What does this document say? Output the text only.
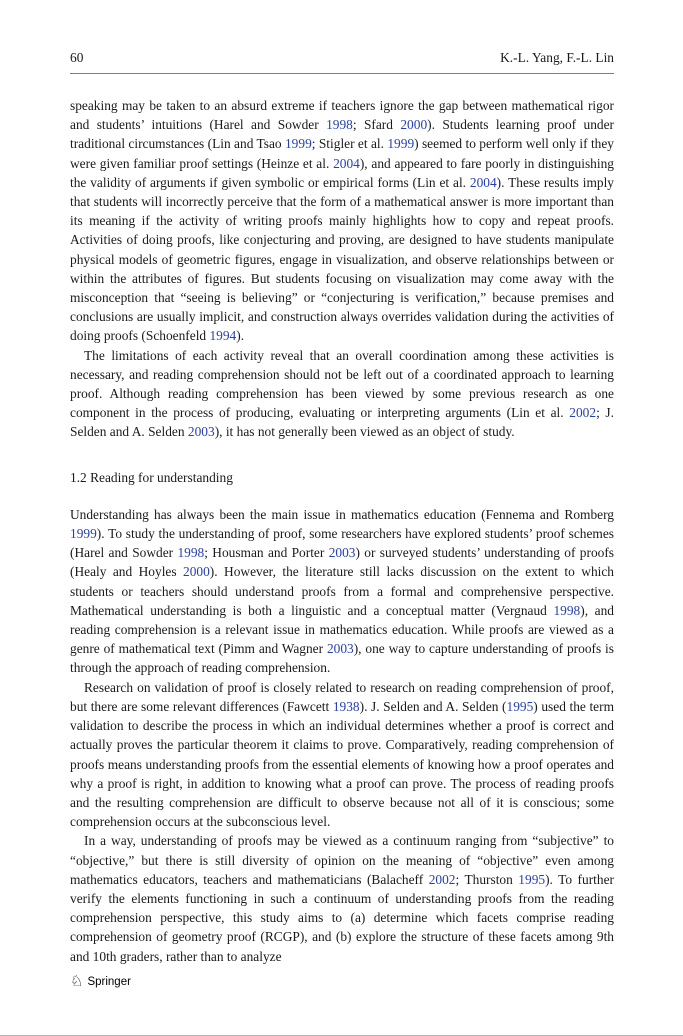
60	K.-L. Yang, F.-L. Lin

speaking may be taken to an absurd extreme if teachers ignore the gap between mathematical rigor and students’ intuitions (Harel and Sowder 1998; Sfard 2000). Students learning proof under traditional circumstances (Lin and Tsao 1999; Stigler et al. 1999) seemed to perform well only if they were given familiar proof settings (Heinze et al. 2004), and appeared to fare poorly in distinguishing the validity of arguments if given symbolic or empirical forms (Lin et al. 2004). These results imply that students will incorrectly perceive that the form of a mathematical answer is more important than its meaning if the activity of writing proofs mainly highlights how to copy and repeat proofs. Activities of doing proofs, like conjecturing and proving, are designed to have students manipulate physical models of geometric figures, engage in visualization, and observe relationships between or within the attributes of figures. But students focusing on visualization may come away with the misconception that “seeing is believing” or “conjecturing is verification,” because premises and conclusions are usually implicit, and construction always overrides validation during the activities of doing proofs (Schoenfeld 1994).

The limitations of each activity reveal that an overall coordination among these activities is necessary, and reading comprehension should not be left out of a coordinated approach to learning proof. Although reading comprehension has been viewed by some previous research as one component in the process of producing, evaluating or interpreting arguments (Lin et al. 2002; J. Selden and A. Selden 2003), it has not generally been viewed as an object of study.

1.2 Reading for understanding

Understanding has always been the main issue in mathematics education (Fennema and Romberg 1999). To study the understanding of proof, some researchers have explored students’ proof schemes (Harel and Sowder 1998; Housman and Porter 2003) or surveyed students’ understanding of proofs (Healy and Hoyles 2000). However, the literature still lacks discussion on the extent to which students or teachers should understand proofs from a formal and comprehensive perspective. Mathematical understanding is both a linguistic and a conceptual matter (Vergnaud 1998), and reading comprehension is a relevant issue in mathematics education. While proofs are viewed as a genre of mathematical text (Pimm and Wagner 2003), one way to capture understanding of proofs is through the approach of reading comprehension.

Research on validation of proof is closely related to research on reading comprehension of proof, but there are some relevant differences (Fawcett 1938). J. Selden and A. Selden (1995) used the term validation to describe the process in which an individual determines whether a proof is correct and actually proves the particular theorem it claims to prove. Comparatively, reading comprehension of proofs means understanding proofs from the essential elements of knowing how a proof operates and why a proof is right, in addition to knowing what a proof can prove. The process of reading proofs and the resulting comprehension are difficult to observe because not all of it is conscious; some comprehension occurs at the subconscious level.

In a way, understanding of proofs may be viewed as a continuum ranging from “subjective” to “objective,” but there is still diversity of opinion on the meaning of “objective” even among mathematics educators, teachers and mathematicians (Balacheff 2002; Thurston 1995). To further verify the elements functioning in such a continuum of understanding proofs from the reading comprehension perspective, this study aims to (a) determine which facets comprise reading comprehension of geometry proof (RCGP), and (b) explore the structure of these facets among 9th and 10th graders, rather than to analyze

♘ Springer
